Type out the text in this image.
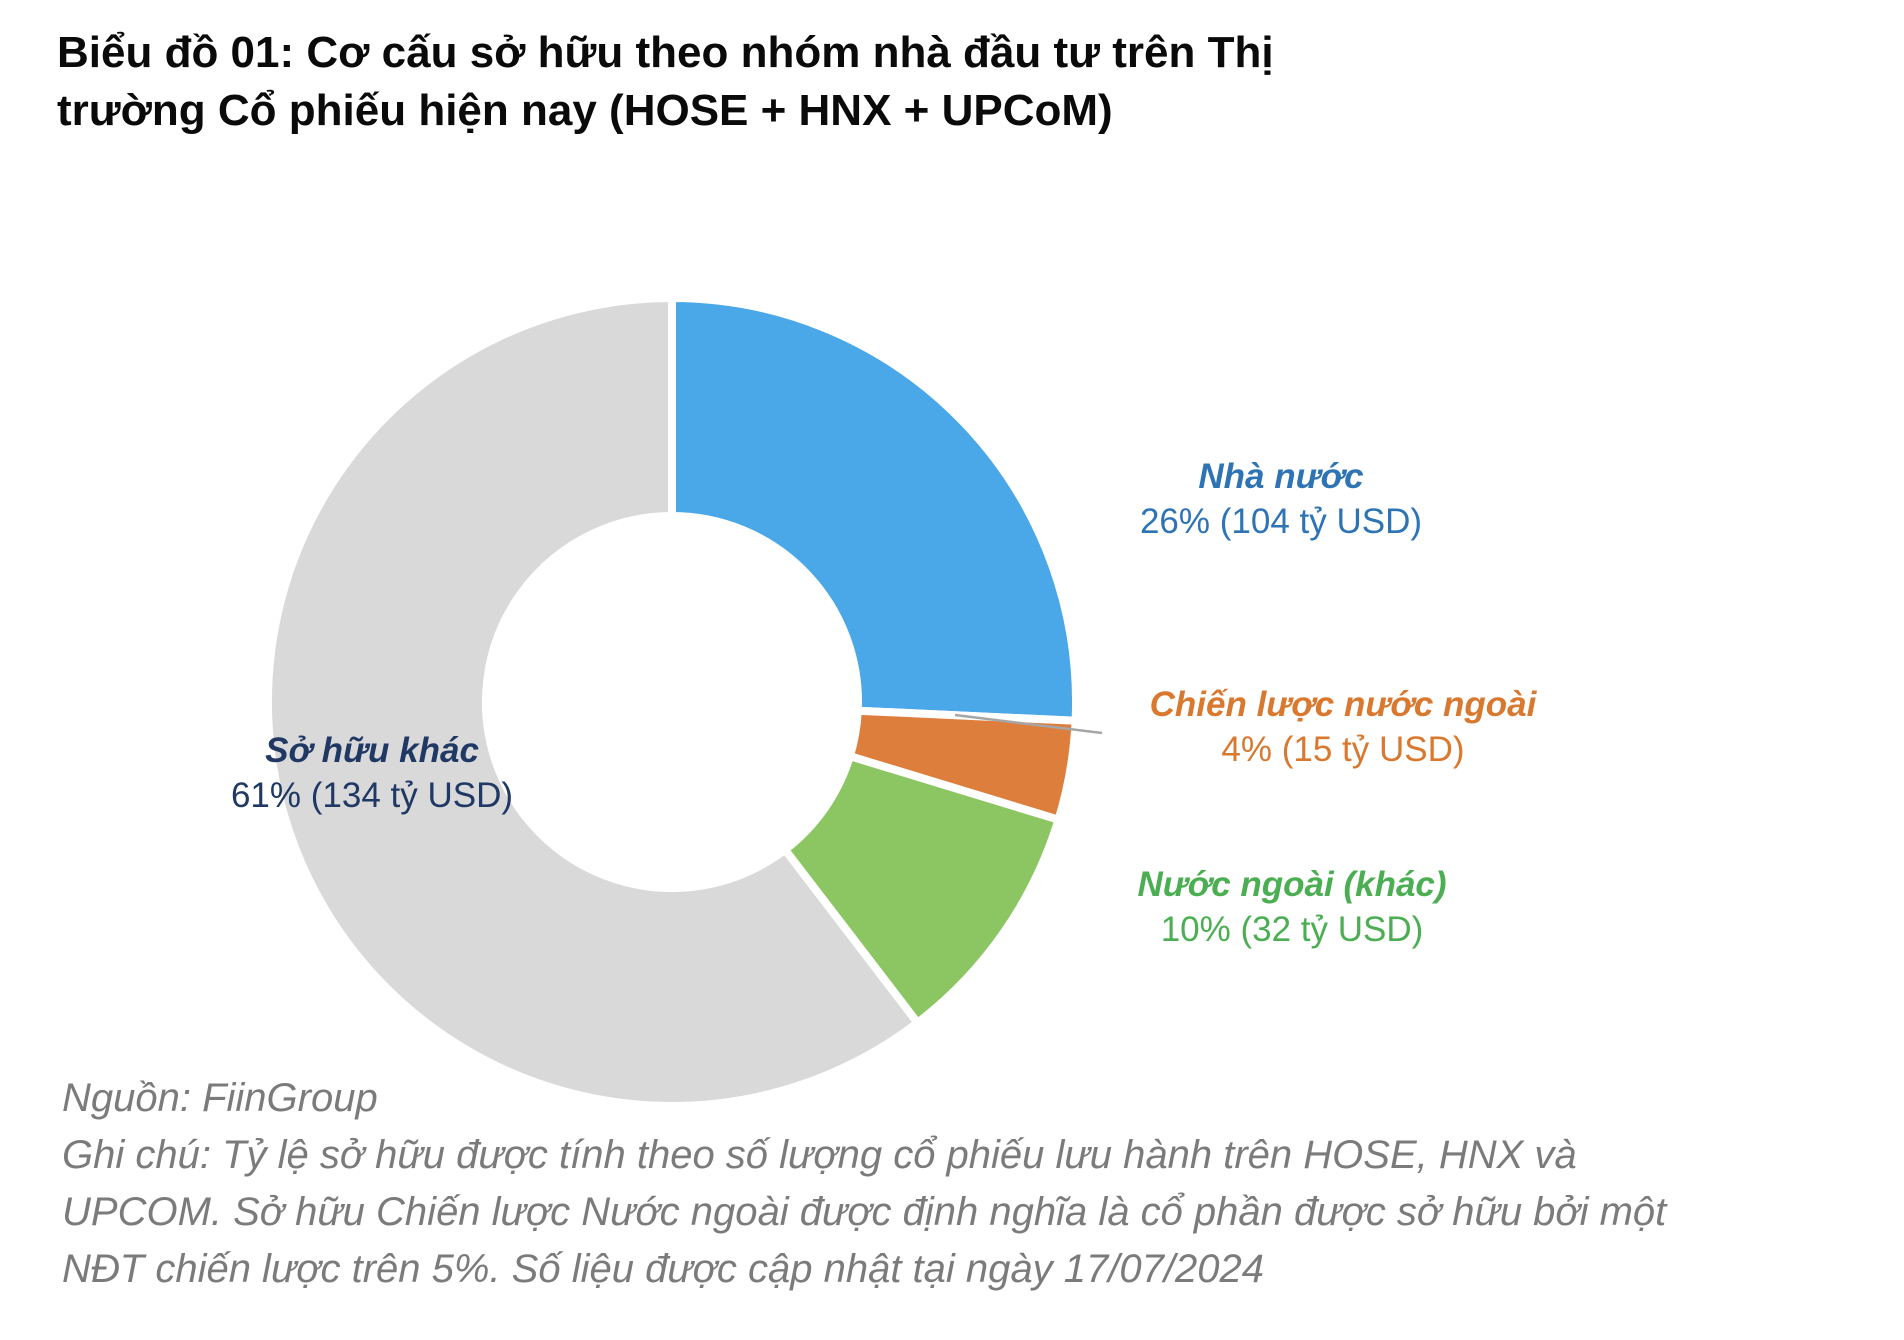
Biểu đồ 01: Cơ cấu sở hữu theo nhóm nhà đầu tư trên Thị
trường Cổ phiếu hiện nay (HOSE + HNX + UPCoM)
Nhà nước
26% (104 tỷ USD)
Chiến lược nước ngoài
4% (15 tỷ USD)
Nước ngoài (khác)
10% (32 tỷ USD)
Sở hữu khác
61% (134 tỷ USD)
Nguồn: FiinGroup
Ghi chú: Tỷ lệ sở hữu được tính theo số lượng cổ phiếu lưu hành trên HOSE, HNX và
UPCOM. Sở hữu Chiến lược Nước ngoài được định nghĩa là cổ phần được sở hữu bởi một
NĐT chiến lược trên 5%. Số liệu được cập nhật tại ngày 17/07/2024
